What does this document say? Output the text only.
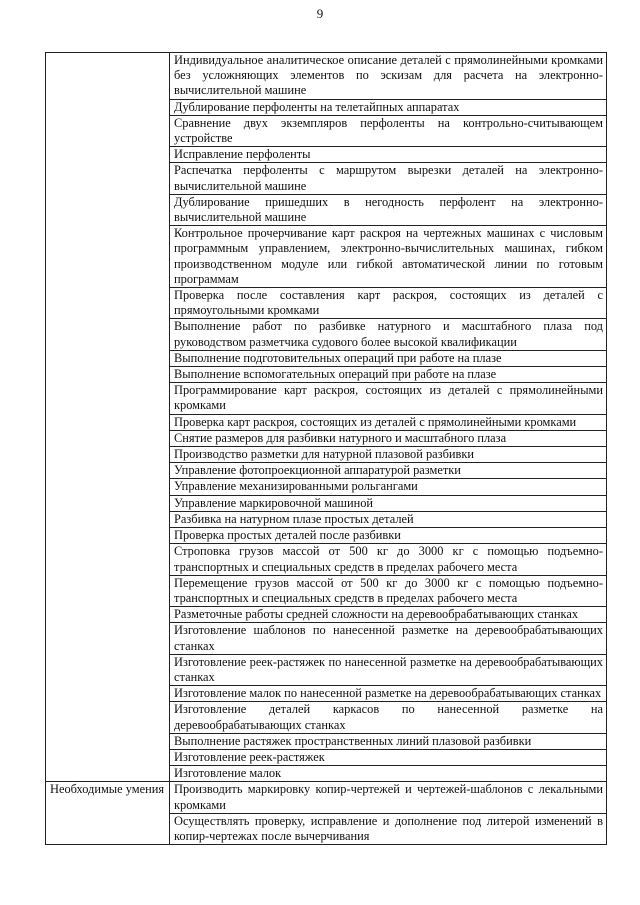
9
	Индивидуальное аналитическое описание деталей с прямолинейными кромками без усложняющих элементов по эскизам для расчета на электронно-вычислительной машине
	Дублирование перфоленты на телетайпных аппаратах
	Сравнение двух экземпляров перфоленты на контрольно-считывающем устройстве
	Исправление перфоленты
	Распечатка перфоленты с маршрутом вырезки деталей на электронно-вычислительной машине
	Дублирование пришедших в негодность перфолент на электронно-вычислительной машине
	Контрольное прочерчивание карт раскроя на чертежных машинах с числовым программным управлением, электронно-вычислительных машинах, гибком производственном модуле или гибкой автоматической линии по готовым программам
	Проверка после составления карт раскроя, состоящих из деталей с прямоугольными кромками
	Выполнение работ по разбивке натурного и масштабного плаза под руководством разметчика судового более высокой квалификации
	Выполнение подготовительных операций при работе на плазе
	Выполнение вспомогательных операций при работе на плазе
	Программирование карт раскроя, состоящих из деталей с прямолинейными кромками
	Проверка карт раскроя, состоящих из деталей с прямолинейными кромками
	Снятие размеров для разбивки натурного и масштабного плаза
	Производство разметки для натурной плазовой разбивки
	Управление фотопроекционной аппаратурой разметки
	Управление механизированными рольгангами
	Управление маркировочной машиной
	Разбивка на натурном плазе простых деталей
	Проверка простых деталей после разбивки
	Строповка грузов массой от 500 кг до 3000 кг с помощью подъемно-транспортных и специальных средств в пределах рабочего места
	Перемещение грузов массой от 500 кг до 3000 кг с помощью подъемно-транспортных и специальных средств в пределах рабочего места
	Разметочные работы средней сложности на деревообрабатывающих станках
	Изготовление шаблонов по нанесенной разметке на деревообрабатывающих станках
	Изготовление реек-растяжек по нанесенной разметке на деревообрабатывающих станках
	Изготовление малок по нанесенной разметке на деревообрабатывающих станках
	Изготовление деталей каркасов по нанесенной разметке на деревообрабатывающих станках
	Выполнение растяжек пространственных линий плазовой разбивки
	Изготовление реек-растяжек
	Изготовление малок
Необходимые умения	Производить маркировку копир-чертежей и чертежей-шаблонов с лекальными кромками
	Осуществлять проверку, исправление и дополнение под литерой изменений в копир-чертежах после вычерчивания
